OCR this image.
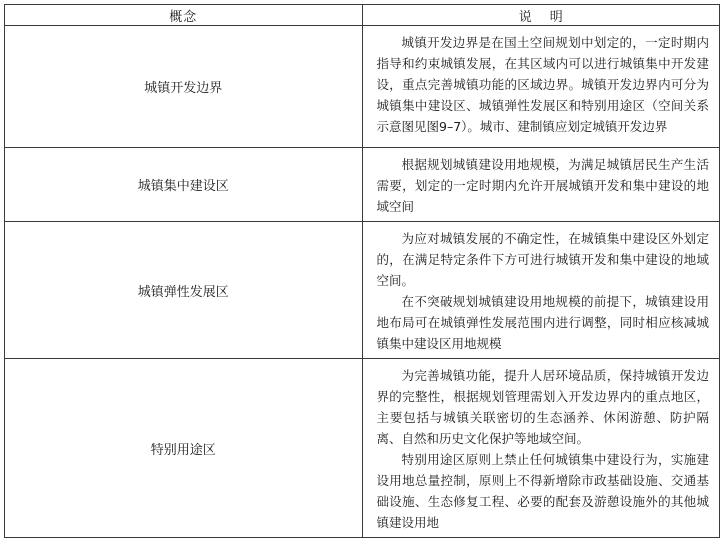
概念	说明
城镇开发边界	城镇开发边界是在国土空间规划中划定的，一定时期内指导和约束城镇发展，在其区域内可以进行城镇集中开发建设，重点完善城镇功能的区域边界。城镇开发边界内可分为城镇集中建设区、城镇弹性发展区和特别用途区（空间关系示意图见图9–7）。城市、建制镇应划定城镇开发边界

城镇集中建设区	根据规划城镇建设用地规模，为满足城镇居民生产生活需要，划定的一定时期内允许开展城镇开发和集中建设的地域空间

城镇弹性发展区	为应对城镇发展的不确定性，在城镇集中建设区外划定的，在满足特定条件下方可进行城镇开发和集中建设的地域空间。

在不突破规划城镇建设用地规模的前提下，城镇建设用地布局可在城镇弹性发展范围内进行调整，同时相应核减城镇集中建设区用地规模

特别用途区	为完善城镇功能，提升人居环境品质，保持城镇开发边界的完整性，根据规划管理需划入开发边界内的重点地区，主要包括与城镇关联密切的生态涵养、休闲游憩、防护隔离、自然和历史文化保护等地域空间。

特别用途区原则上禁止任何城镇集中建设行为，实施建设用地总量控制，原则上不得新增除市政基础设施、交通基础设施、生态修复工程、必要的配套及游憩设施外的其他城镇建设用地
